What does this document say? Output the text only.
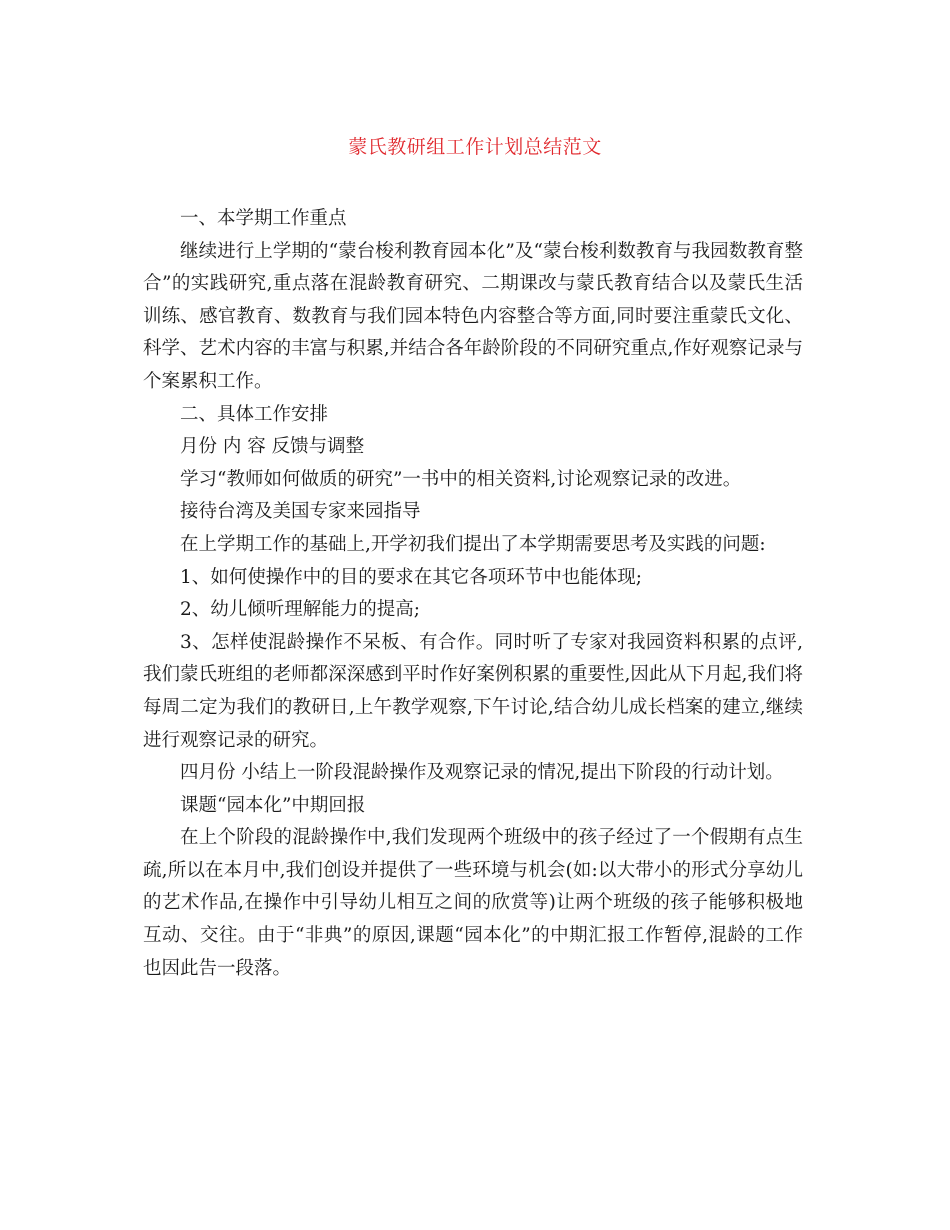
蒙氏教研组工作计划总结范文

一、本学期工作重点

继续进行上学期的“蒙台梭利教育园本化”及“蒙台梭利数教育与我园数教育整合”的实践研究,重点落在混龄教育研究、二期课改与蒙氏教育结合以及蒙氏生活训练、感官教育、数教育与我们园本特色内容整合等方面,同时要注重蒙氏文化、科学、艺术内容的丰富与积累,并结合各年龄阶段的不同研究重点,作好观察记录与个案累积工作。

二、具体工作安排

月份 内 容 反馈与调整

学习“教师如何做质的研究”一书中的相关资料,讨论观察记录的改进。

接待台湾及美国专家来园指导

在上学期工作的基础上,开学初我们提出了本学期需要思考及实践的问题:

1、如何使操作中的目的要求在其它各项环节中也能体现;

2、幼儿倾听理解能力的提高;

3、怎样使混龄操作不呆板、有合作。同时听了专家对我园资料积累的点评,我们蒙氏班组的老师都深深感到平时作好案例积累的重要性,因此从下月起,我们将每周二定为我们的教研日,上午教学观察,下午讨论,结合幼儿成长档案的建立,继续进行观察记录的研究。

四月份 小结上一阶段混龄操作及观察记录的情况,提出下阶段的行动计划。

课题“园本化”中期回报

在上个阶段的混龄操作中,我们发现两个班级中的孩子经过了一个假期有点生疏,所以在本月中,我们创设并提供了一些环境与机会(如:以大带小的形式分享幼儿的艺术作品,在操作中引导幼儿相互之间的欣赏等)让两个班级的孩子能够积极地互动、交往。由于“非典”的原因,课题“园本化”的中期汇报工作暂停,混龄的工作也因此告一段落。
